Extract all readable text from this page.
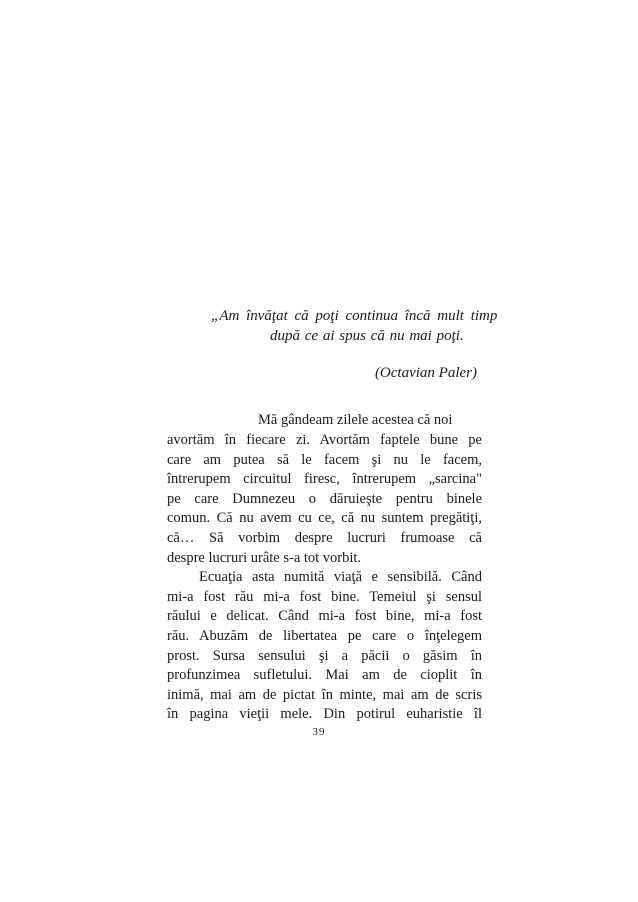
„Am învăţat că poţi continua încă mult timp
după ce ai spus că nu mai poţi.
(Octavian Paler)
Mă gândeam zilele acestea că noi
avortăm în fiecare zi. Avortăm faptele bune pe
care am putea să le facem şi nu le facem,
întrerupem circuitul firesc, întrerupem „sarcina"
pe care Dumnezeu o dăruieşte pentru binele
comun. Că nu avem cu ce, că nu suntem pregătiţi,
că… Să vorbim despre lucruri frumoase că
despre lucruri urâte s-a tot vorbit.
Ecuaţia asta numită viaţă e sensibilă. Când
mi-a fost rău mi-a fost bine. Temeiul şi sensul
răului e delicat. Când mi-a fost bine, mi-a fost
rău. Abuzăm de libertatea pe care o înţelegem
prost. Sursa sensului şi a păcii o găsim în
profunzimea sufletului. Mai am de cioplit în
inimă, mai am de pictat în minte, mai am de scris
în pagina vieţii mele. Din potirul euharistie îl
39
